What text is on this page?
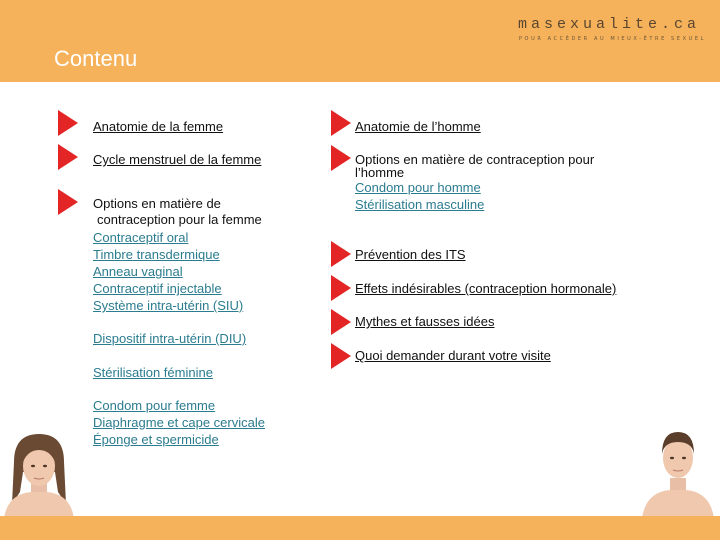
masexualite.ca
POUR ACCÉDER AU MIEUX-ÊTRE SEXUEL
Contenu
Anatomie de la femme
Cycle menstruel de la femme
Options en matière de
contraception pour la femme
Contraceptif oral
Timbre transdermique
Anneau vaginal
Contraceptif injectable
Système intra-utérin (SIU)
Dispositif intra-utérin (DIU)
Stérilisation féminine
Condom pour femme
Diaphragme et cape cervicale
Éponge et spermicide
Anatomie de l’homme
Options en matière de contraception pour
l’homme
Condom pour homme
Stérilisation masculine
Prévention des ITS
Effets indésirables (contraception hormonale)
Mythes et fausses idées
Quoi demander durant votre visite
